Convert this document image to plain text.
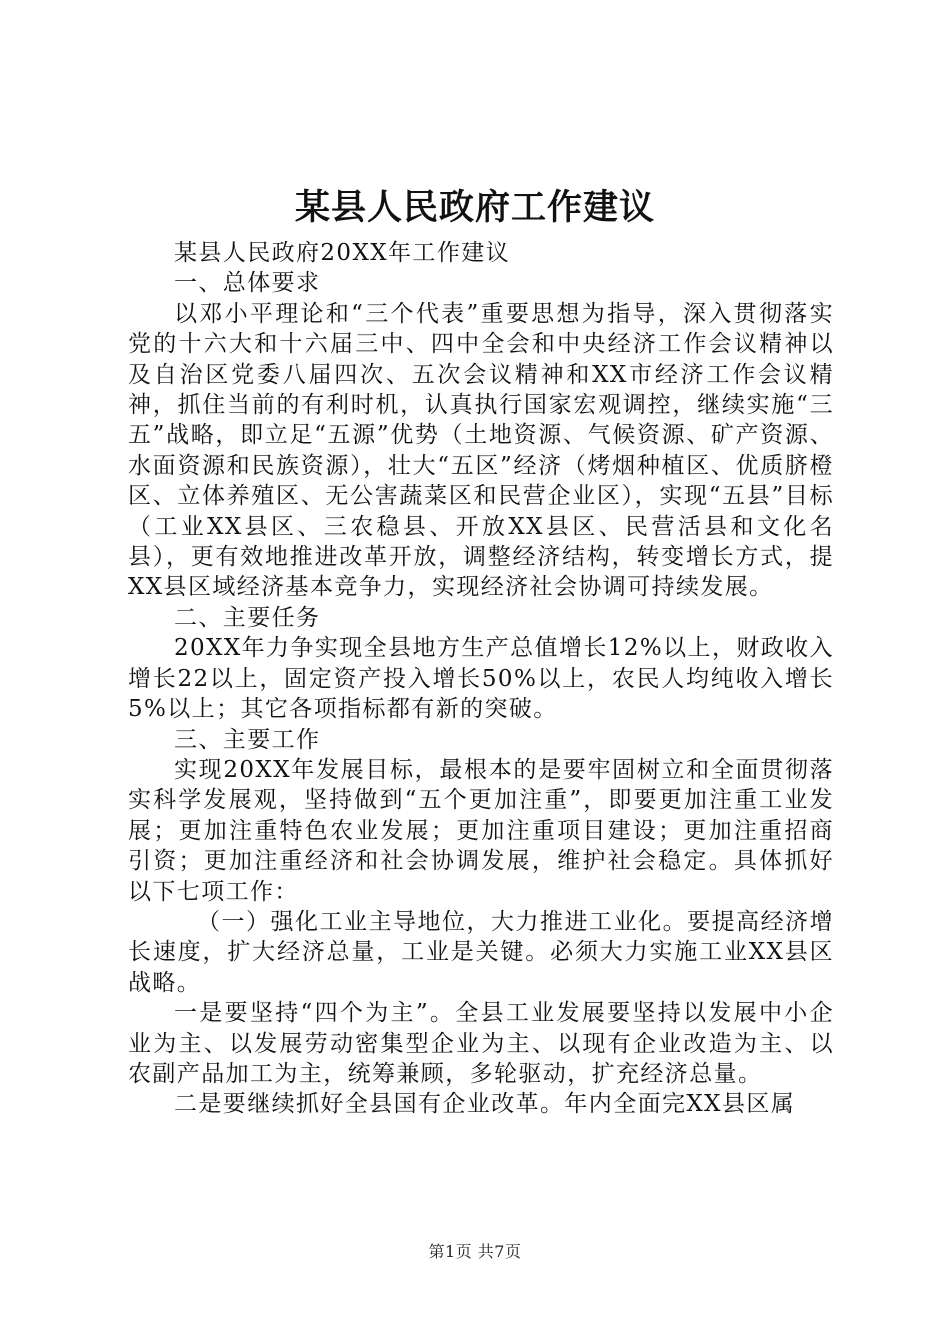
某县人民政府工作建议

某县人民政府20XX年工作建议

一、总体要求

以邓小平理论和“三个代表”重要思想为指导，深入贯彻落实党的十六大和十六届三中、四中全会和中央经济工作会议精神以及自治区党委八届四次、五次会议精神和XX市经济工作会议精神，抓住当前的有利时机，认真执行国家宏观调控，继续实施“三五”战略，即立足“五源”优势（土地资源、气候资源、矿产资源、水面资源和民族资源），壮大“五区”经济（烤烟种植区、优质脐橙区、立体养殖区、无公害蔬菜区和民营企业区），实现“五县”目标（工业XX县区、三农稳县、开放XX县区、民营活县和文化名县），更有效地推进改革开放，调整经济结构，转变增长方式，提XX县区域经济基本竞争力，实现经济社会协调可持续发展。

二、主要任务

20XX年力争实现全县地方生产总值增长12%以上，财政收入增长22以上，固定资产投入增长50%以上，农民人均纯收入增长5%以上；其它各项指标都有新的突破。

三、主要工作

实现20XX年发展目标，最根本的是要牢固树立和全面贯彻落实科学发展观，坚持做到“五个更加注重”，即要更加注重工业发展；更加注重特色农业发展；更加注重项目建设；更加注重招商引资；更加注重经济和社会协调发展，维护社会稳定。具体抓好以下七项工作：

（一）强化工业主导地位，大力推进工业化。要提高经济增长速度，扩大经济总量，工业是关键。必须大力实施工业XX县区战略。

一是要坚持“四个为主”。全县工业发展要坚持以发展中小企业为主、以发展劳动密集型企业为主、以现有企业改造为主、以农副产品加工为主，统筹兼顾，多轮驱动，扩充经济总量。

二是要继续抓好全县国有企业改革。年内全面完XX县区属

第1页 共7页
